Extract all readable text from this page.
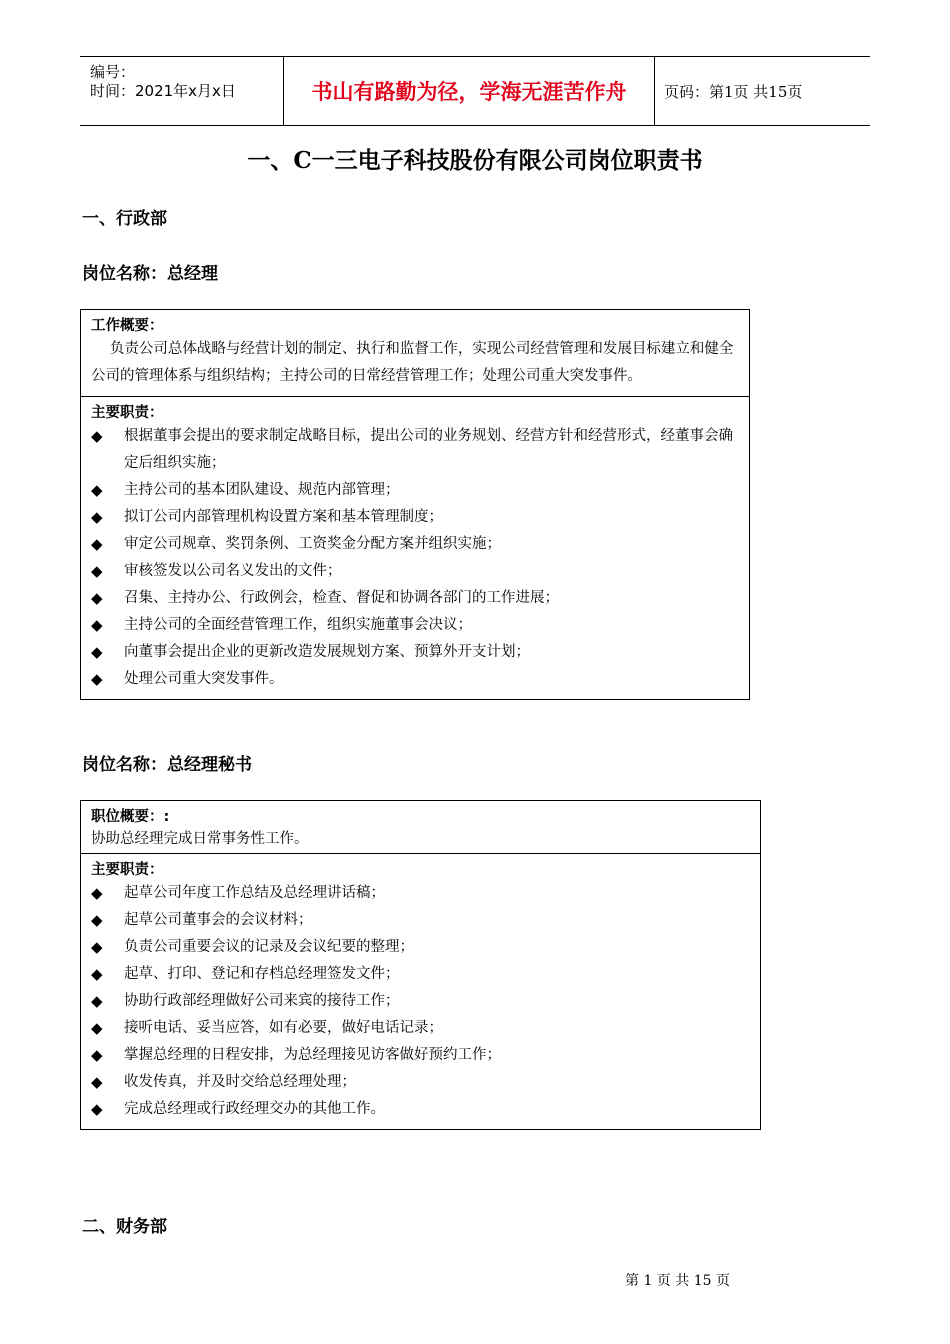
编号：
时间：2021年x月x日	书山有路勤为径，学海无涯苦作舟	页码：第1页 共15页
一、C一三电子科技股份有限公司岗位职责书
一、行政部
岗位名称：总经理
工作概要：
负责公司总体战略与经营计划的制定、执行和监督工作，实现公司经营管理和发展目标建立和健全公司的管理体系与组织结构；主持公司的日常经营管理工作；处理公司重大突发事件。
主要职责：
◆ 根据董事会提出的要求制定战略目标，提出公司的业务规划、经营方针和经营形式，经董事会确定后组织实施；
◆ 主持公司的基本团队建设、规范内部管理；
◆ 拟订公司内部管理机构设置方案和基本管理制度；
◆ 审定公司规章、奖罚条例、工资奖金分配方案并组织实施；
◆ 审核签发以公司名义发出的文件；
◆ 召集、主持办公、行政例会，检查、督促和协调各部门的工作进展；
◆ 主持公司的全面经营管理工作，组织实施董事会决议；
◆ 向董事会提出企业的更新改造发展规划方案、预算外开支计划；
◆ 处理公司重大突发事件。
岗位名称：总经理秘书
职位概要：:
协助总经理完成日常事务性工作。
主要职责：
◆ 起草公司年度工作总结及总经理讲话稿；
◆ 起草公司董事会的会议材料；
◆ 负责公司重要会议的记录及会议纪要的整理；
◆ 起草、打印、登记和存档总经理签发文件；
◆ 协助行政部经理做好公司来宾的接待工作；
◆ 接听电话、妥当应答，如有必要，做好电话记录；
◆ 掌握总经理的日程安排，为总经理接见访客做好预约工作；
◆ 收发传真，并及时交给总经理处理；
◆ 完成总经理或行政经理交办的其他工作。
二、财务部
第 1 页 共 15 页
